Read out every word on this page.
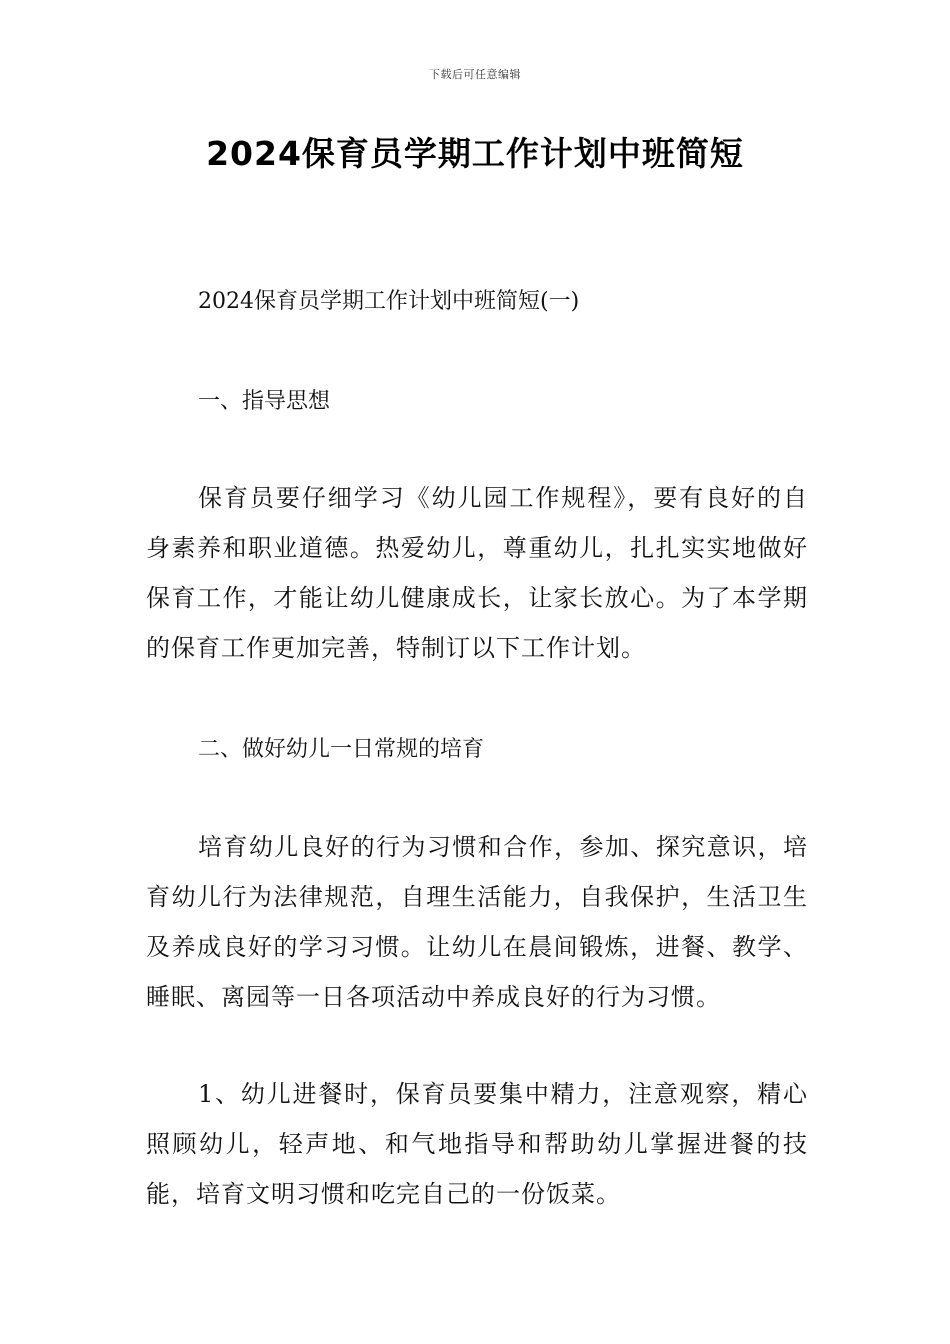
下载后可任意编辑
2024保育员学期工作计划中班简短

2024保育员学期工作计划中班简短(一)

一、指导思想

保育员要仔细学习《幼儿园工作规程》，要有良好的自身素养和职业道德。热爱幼儿，尊重幼儿，扎扎实实地做好保育工作，才能让幼儿健康成长，让家长放心。为了本学期的保育工作更加完善，特制订以下工作计划。

二、做好幼儿一日常规的培育

培育幼儿良好的行为习惯和合作，参加、探究意识，培育幼儿行为法律规范，自理生活能力，自我保护，生活卫生及养成良好的学习习惯。让幼儿在晨间锻炼，进餐、教学、睡眠、离园等一日各项活动中养成良好的行为习惯。

1、幼儿进餐时，保育员要集中精力，注意观察，精心照顾幼儿，轻声地、和气地指导和帮助幼儿掌握进餐的技能，培育文明习惯和吃完自己的一份饭菜。
